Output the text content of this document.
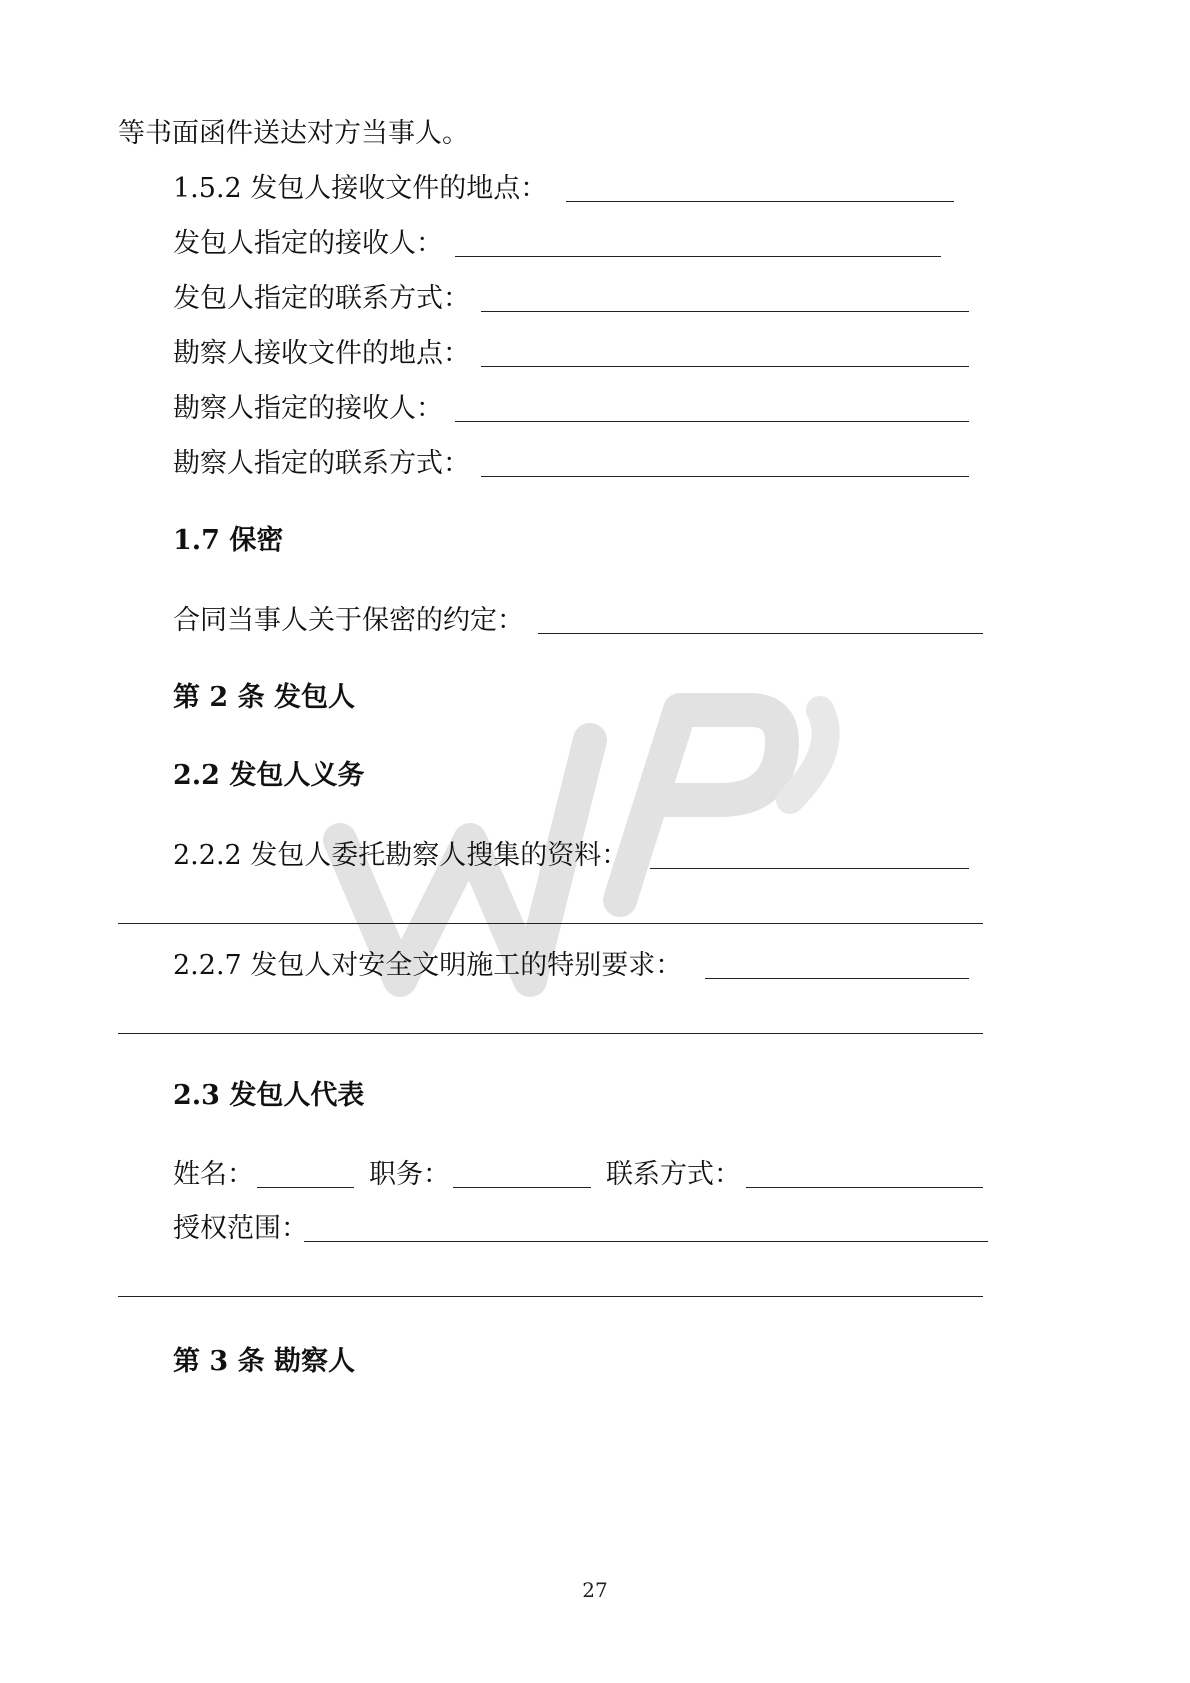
等书面函件送达对方当事人。
1.5.2 发包人接收文件的地点：
发包人指定的接收人：
发包人指定的联系方式：
勘察人接收文件的地点：
勘察人指定的接收人：
勘察人指定的联系方式：
1.7 保密
合同当事人关于保密的约定：
第 2 条 发包人
2.2 发包人义务
2.2.2 发包人委托勘察人搜集的资料：
2.2.7 发包人对安全文明施工的特别要求：
2.3 发包人代表
姓名：	职务：	联系方式：
授权范围：
第 3 条 勘察人
27
